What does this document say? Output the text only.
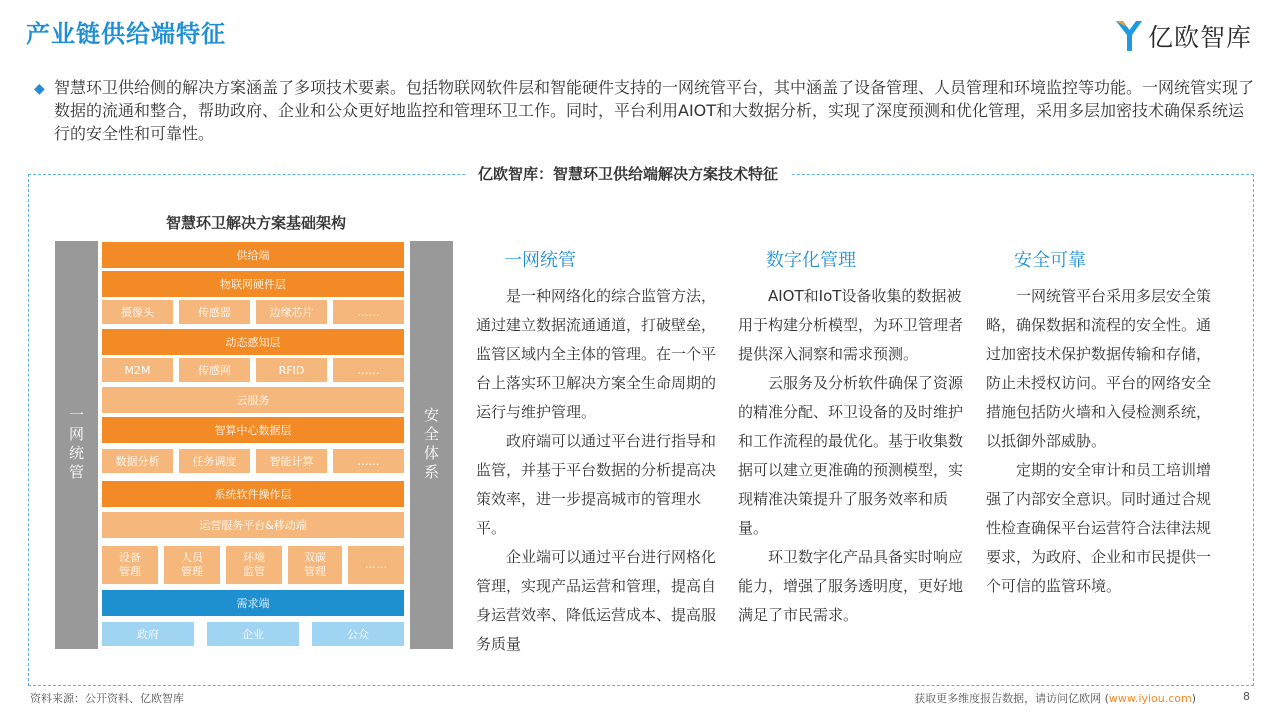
产业链供给端特征	亿欧智库
◆ 智慧环卫供给侧的解决方案涵盖了多项技术要素。包括物联网软件层和智能硬件支持的一网统管平台，其中涵盖了设备管理、人员管理和环境监控等功能。一网统管实现了数据的流通和整合，帮助政府、企业和公众更好地监控和管理环卫工作。同时，平台利用AIOT和大数据分析，实现了深度预测和优化管理，采用多层加密技术确保系统运行的安全性和可靠性。
亿欧智库：智慧环卫供给端解决方案技术特征
智慧环卫解决方案基础架构
一网统管	安全体系
供给端
物联网硬件层
摄像头	传感器	边缘芯片	……
动态感知层
M2M	传感网	RFID	……
云服务
智算中心数据层
数据分析	任务调度	智能计算	……
系统软件操作层
运营服务平台&移动端
设备
管理
人员
管理
环境
监管
双碳
管理
……
需求端
政府	企业	公众
一网统管

是一种网络化的综合监管方法，通过建立数据流通通道，打破壁垒，监管区域内全主体的管理。在一个平台上落实环卫解决方案全生命周期的运行与维护管理。

政府端可以通过平台进行指导和监管，并基于平台数据的分析提高决策效率，进一步提高城市的管理水平。

企业端可以通过平台进行网格化管理，实现产品运营和管理，提高自身运营效率、降低运营成本、提高服务质量

数字化管理

AIOT和IoT设备收集的数据被用于构建分析模型，为环卫管理者提供深入洞察和需求预测。

云服务及分析软件确保了资源的精准分配、环卫设备的及时维护和工作流程的最优化。基于收集数据可以建立更准确的预测模型，实现精准决策提升了服务效率和质量。

环卫数字化产品具备实时响应能力，增强了服务透明度，更好地满足了市民需求。

安全可靠

一网统管平台采用多层安全策略，确保数据和流程的安全性。通过加密技术保护数据传输和存储，防止未授权访问。平台的网络安全措施包括防火墙和入侵检测系统，以抵御外部威胁。

定期的安全审计和员工培训增强了内部安全意识。同时通过合规性检查确保平台运营符合法律法规要求，为政府、企业和市民提供一个可信的监管环境。

资料来源：公开资料、亿欧智库	获取更多维度报告数据，请访问亿欧网 (www.iyiou.com)	8
